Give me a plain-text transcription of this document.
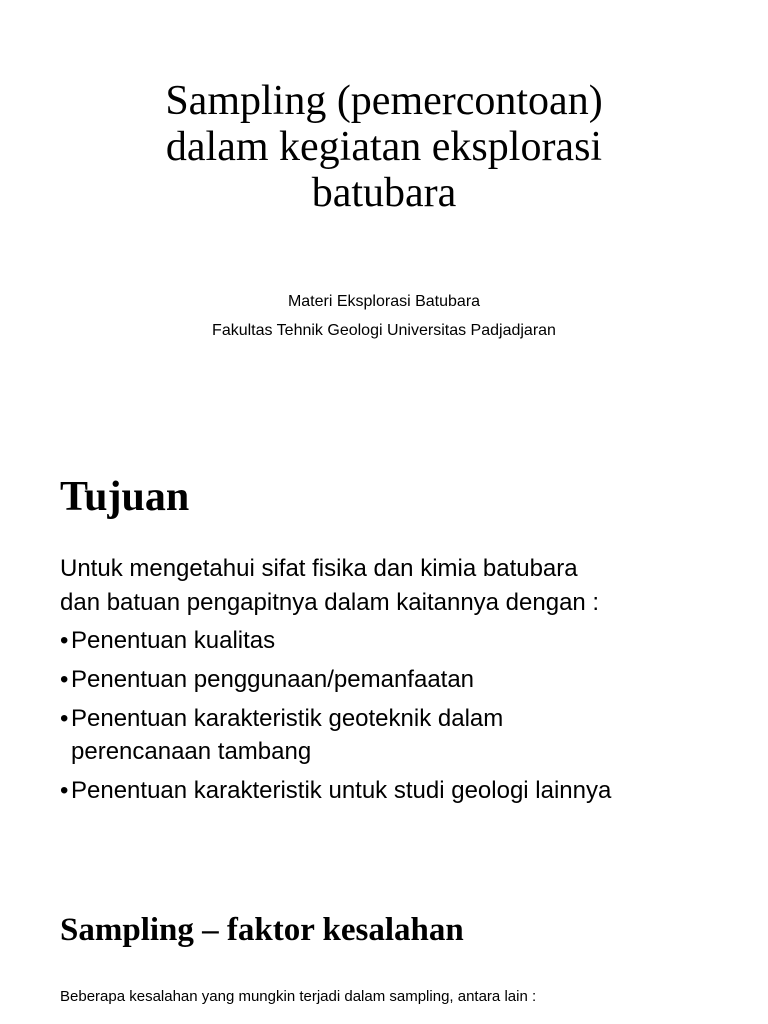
Sampling (pemercontoan)
dalam kegiatan eksplorasi
batubara
Materi Eksplorasi Batubara
Fakultas Tehnik Geologi Universitas Padjadjaran
Tujuan
Untuk mengetahui sifat fisika dan kimia batubara
dan batuan pengapitnya dalam kaitannya dengan :
• Penentuan kualitas
• Penentuan penggunaan/pemanfaatan
• Penentuan karakteristik geoteknik dalam perencanaan tambang
• Penentuan karakteristik untuk studi geologi lainnya
Sampling – faktor kesalahan
Beberapa kesalahan yang mungkin terjadi dalam sampling, antara lain :
